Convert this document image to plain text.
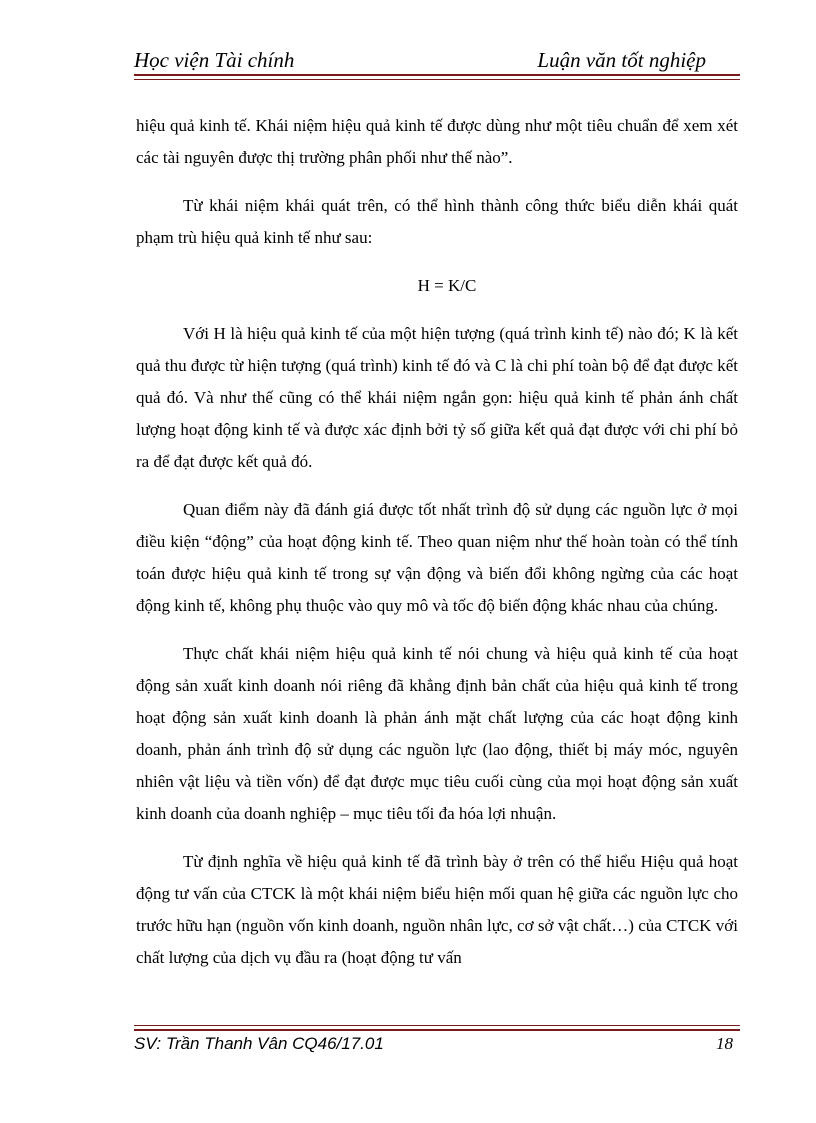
Học viện Tài chính	Luận văn tốt nghiệp

hiệu quả kinh tế. Khái niệm hiệu quả kinh tế được dùng như một tiêu chuẩn để xem xét các tài nguyên được thị trường phân phối như thế nào”.

Từ khái niệm khái quát trên, có thể hình thành công thức biểu diễn khái quát phạm trù hiệu quả kinh tế như sau:

H = K/C

Với H là hiệu quả kinh tế của một hiện tượng (quá trình kinh tế) nào đó; K là kết quả thu được từ hiện tượng (quá trình) kinh tế đó và C là chi phí toàn bộ để đạt được kết quả đó. Và như thế cũng có thể khái niệm ngắn gọn: hiệu quả kinh tế phản ánh chất lượng hoạt động kinh tế và được xác định bởi tỷ số giữa kết quả đạt được với chi phí bỏ ra để đạt được kết quả đó.

Quan điểm này đã đánh giá được tốt nhất trình độ sử dụng các nguồn lực ở mọi điều kiện “động” của hoạt động kinh tế. Theo quan niệm như thế hoàn toàn có thể tính toán được hiệu quả kinh tế trong sự vận động và biến đổi không ngừng của các hoạt động kinh tế, không phụ thuộc vào quy mô và tốc độ biến động khác nhau của chúng.

Thực chất khái niệm hiệu quả kinh tế nói chung và hiệu quả kinh tế của hoạt động sản xuất kinh doanh nói riêng đã khẳng định bản chất của hiệu quả kinh tế trong hoạt động sản xuất kinh doanh là phản ánh mặt chất lượng của các hoạt động kinh doanh, phản ánh trình độ sử dụng các nguồn lực (lao động, thiết bị máy móc, nguyên nhiên vật liệu và tiền vốn) để đạt được mục tiêu cuối cùng của mọi hoạt động sản xuất kinh doanh của doanh nghiệp – mục tiêu tối đa hóa lợi nhuận.

Từ định nghĩa về hiệu quả kinh tế đã trình bày ở trên có thể hiểu Hiệu quả hoạt động tư vấn của CTCK là một khái niệm biểu hiện mối quan hệ giữa các nguồn lực cho trước hữu hạn (nguồn vốn kinh doanh, nguồn nhân lực, cơ sở vật chất…) của CTCK với chất lượng của dịch vụ đầu ra (hoạt động tư vấn

SV: Trần Thanh Vân CQ46/17.01	18
